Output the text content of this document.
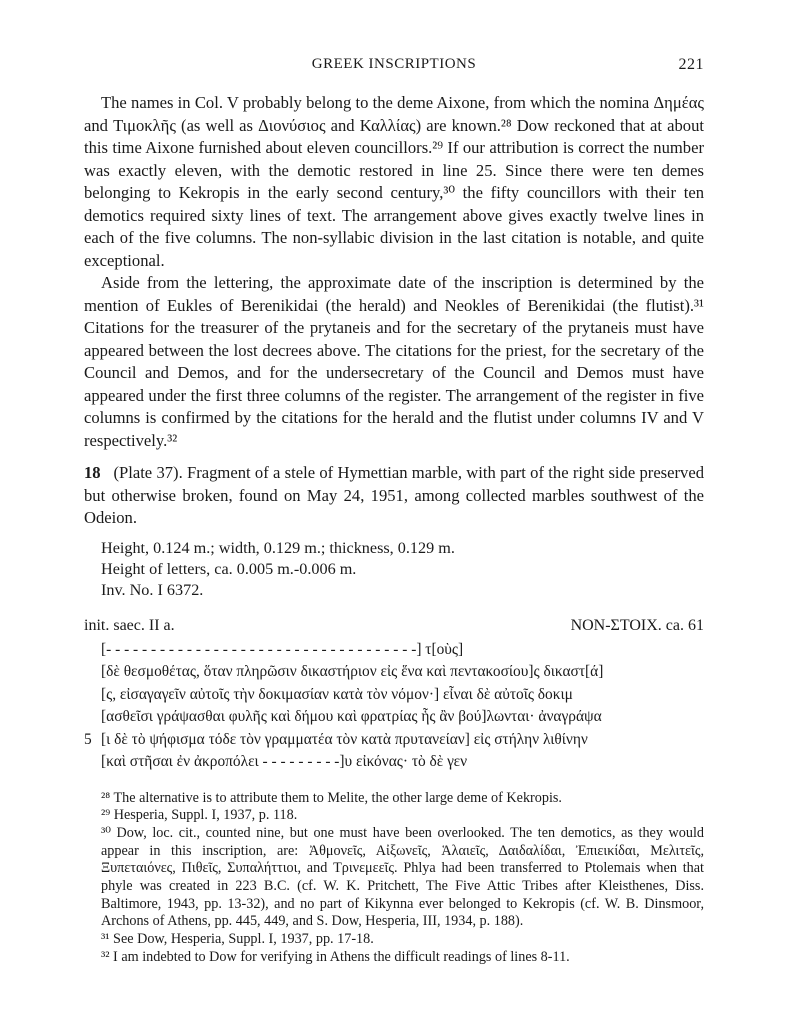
GREEK INSCRIPTIONS	221

The names in Col. V probably belong to the deme Aixone, from which the nomina Δημέας and Τιμοκλῆς (as well as Διονύσιος and Καλλίας) are known.²⁸ Dow reckoned that at about this time Aixone furnished about eleven councillors.²⁹ If our attribution is correct the number was exactly eleven, with the demotic restored in line 25. Since there were ten demes belonging to Kekropis in the early second century,³⁰ the fifty councillors with their ten demotics required sixty lines of text. The arrangement above gives exactly twelve lines in each of the five columns. The non-syllabic division in the last citation is notable, and quite exceptional.

Aside from the lettering, the approximate date of the inscription is determined by the mention of Eukles of Berenikidai (the herald) and Neokles of Berenikidai (the flutist).³¹ Citations for the treasurer of the prytaneis and for the secretary of the prytaneis must have appeared between the lost decrees above. The citations for the priest, for the secretary of the Council and Demos, and for the undersecretary of the Council and Demos must have appeared under the first three columns of the register. The arrangement of the register in five columns is confirmed by the citations for the herald and the flutist under columns IV and V respectively.³²

18 (Plate 37). Fragment of a stele of Hymettian marble, with part of the right side preserved but otherwise broken, found on May 24, 1951, among collected marbles southwest of the Odeion.

Height, 0.124 m.; width, 0.129 m.; thickness, 0.129 m.
Height of letters, ca. 0.005 m.-0.006 m.
Inv. No. I 6372.
init. saec. II a.	NON-ΣΤΟΙΧ. ca. 61
[- - - - - - - - - - - - - - - - - - - - - - - - - - - - - - - - - - -] τ[οὺς]
[δὲ θεσμοθέτας, ὅταν πληρῶσιν δικαστήριον εἰς ἕνα καὶ πεντακοσίου]ς δικαστ[ά]
[ς, εἰσαγαγεῖν αὐτοῖς τὴν δοκιμασίαν κατὰ τὸν νόμον·] εἶναι δὲ αὐτοῖς δοκιμ
[ασθεῖσι γράψασθαι φυλῆς καὶ δήμου καὶ φρατρίας ἧς ἂν βού]λωνται· ἀναγράψα
5 [ι δὲ τὸ ψήφισμα τόδε τὸν γραμματέα τὸν κατὰ πρυτανείαν] εἰς στήλην λιθίνην
[καὶ στῆσαι ἐν ἀκροπόλει - - - - - - - - -]υ εἰκόνας· τὸ δὲ γεν
²⁸ The alternative is to attribute them to Melite, the other large deme of Kekropis.
²⁹ Hesperia, Suppl. I, 1937, p. 118.
³⁰ Dow, loc. cit., counted nine, but one must have been overlooked. The ten demotics, as they would appear in this inscription, are: Ἀθμονεῖς, Αἰξωνεῖς, Ἁλαιεῖς, Δαιδαλίδαι, Ἐπιεικίδαι, Μελιτεῖς, Ξυπεταιόνες, Πιθεῖς, Συπαλήττιοι, and Τρινεμεεῖς. Phlya had been transferred to Ptolemais when that phyle was created in 223 B.C. (cf. W. K. Pritchett, The Five Attic Tribes after Kleisthenes, Diss. Baltimore, 1943, pp. 13-32), and no part of Kikynna ever belonged to Kekropis (cf. W. B. Dinsmoor, Archons of Athens, pp. 445, 449, and S. Dow, Hesperia, III, 1934, p. 188).
³¹ See Dow, Hesperia, Suppl. I, 1937, pp. 17-18.
³² I am indebted to Dow for verifying in Athens the difficult readings of lines 8-11.
